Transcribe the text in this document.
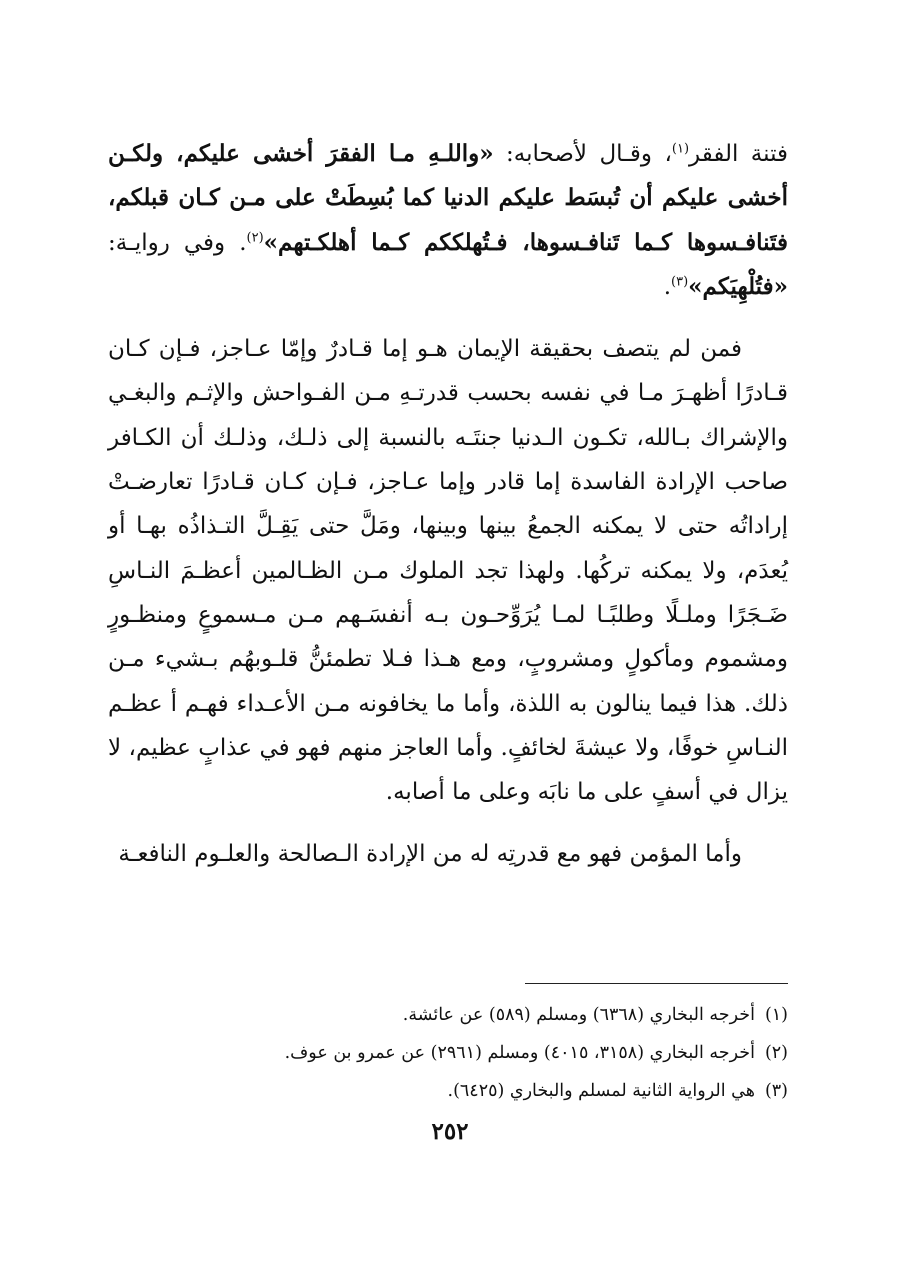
فتنة الفقر$^{(١)}$، وقـال لأصحابه: «واللـهِ مـا الفقرَ أخشى عليكم، ولكـن أخشى عليكم أن تُبسَط عليكم الدنيا كما بُسِطَتْ على مـن كـان قبلكم، فتَنافـسوها كـما تَنافـسوها، فـتُهلككم كـما أهلكـتهم»$^{(٢)}$. وفي روايـة: «فتُلْهِيَكم»$^{(٣)}$.

فمن لم يتصف بحقيقة الإيمان هـو إما قـادرٌ وإمّا عـاجز، فـإن كـان قـادرًا أظهـرَ مـا في نفسه بحسب قدرتـهِ مـن الفـواحش والإثـم والبغـي والإشراك بـالله، تكـون الـدنيا جنتَـه بالنسبة إلى ذلـك، وذلـك أن الكـافر صاحب الإرادة الفاسدة إما قادر وإما عـاجز، فـإن كـان قـادرًا تعارضـتْ إراداتُه حتى لا يمكنه الجمعُ بينها وبينها، ومَلَّ حتى يَقِـلَّ التـذاذُه بهـا أو يُعدَم، ولا يمكنه تركُها. ولهذا تجد الملوك مـن الظـالمين أعظـمَ النـاسِ ضَـجَرًا وملـلًا وطلبًـا لمـا يُرَوِّحـون بـه أنفسَـهم مـن مـسموعٍ ومنظـورٍ ومشموم ومأكولٍ ومشروبٍ، ومع هـذا فـلا تطمئنُّ قلـوبهُم بـشيء مـن ذلك. هذا فيما ينالون به اللذة، وأما ما يخافونه مـن الأعـداء فهـم أ عظـم النـاسِ خوفًا، ولا عيشةَ لخائفٍ. وأما العاجز منهم فهو في عذابٍ عظيم، لا يزال في أسفٍ على ما نابَه وعلى ما أصابه.

وأما المؤمن فهو مع قدرتِه له من الإرادة الـصالحة والعلـوم النافعـة

(١)أخرجه البخاري (٦٣٦٨) ومسلم (٥٨٩) عن عائشة.

(٢)أخرجه البخاري (٣١٥٨، ٤٠١٥) ومسلم (٢٩٦١) عن عمرو بن عوف.

(٣)هي الرواية الثانية لمسلم والبخاري (٦٤٢٥).

٢٥٢
